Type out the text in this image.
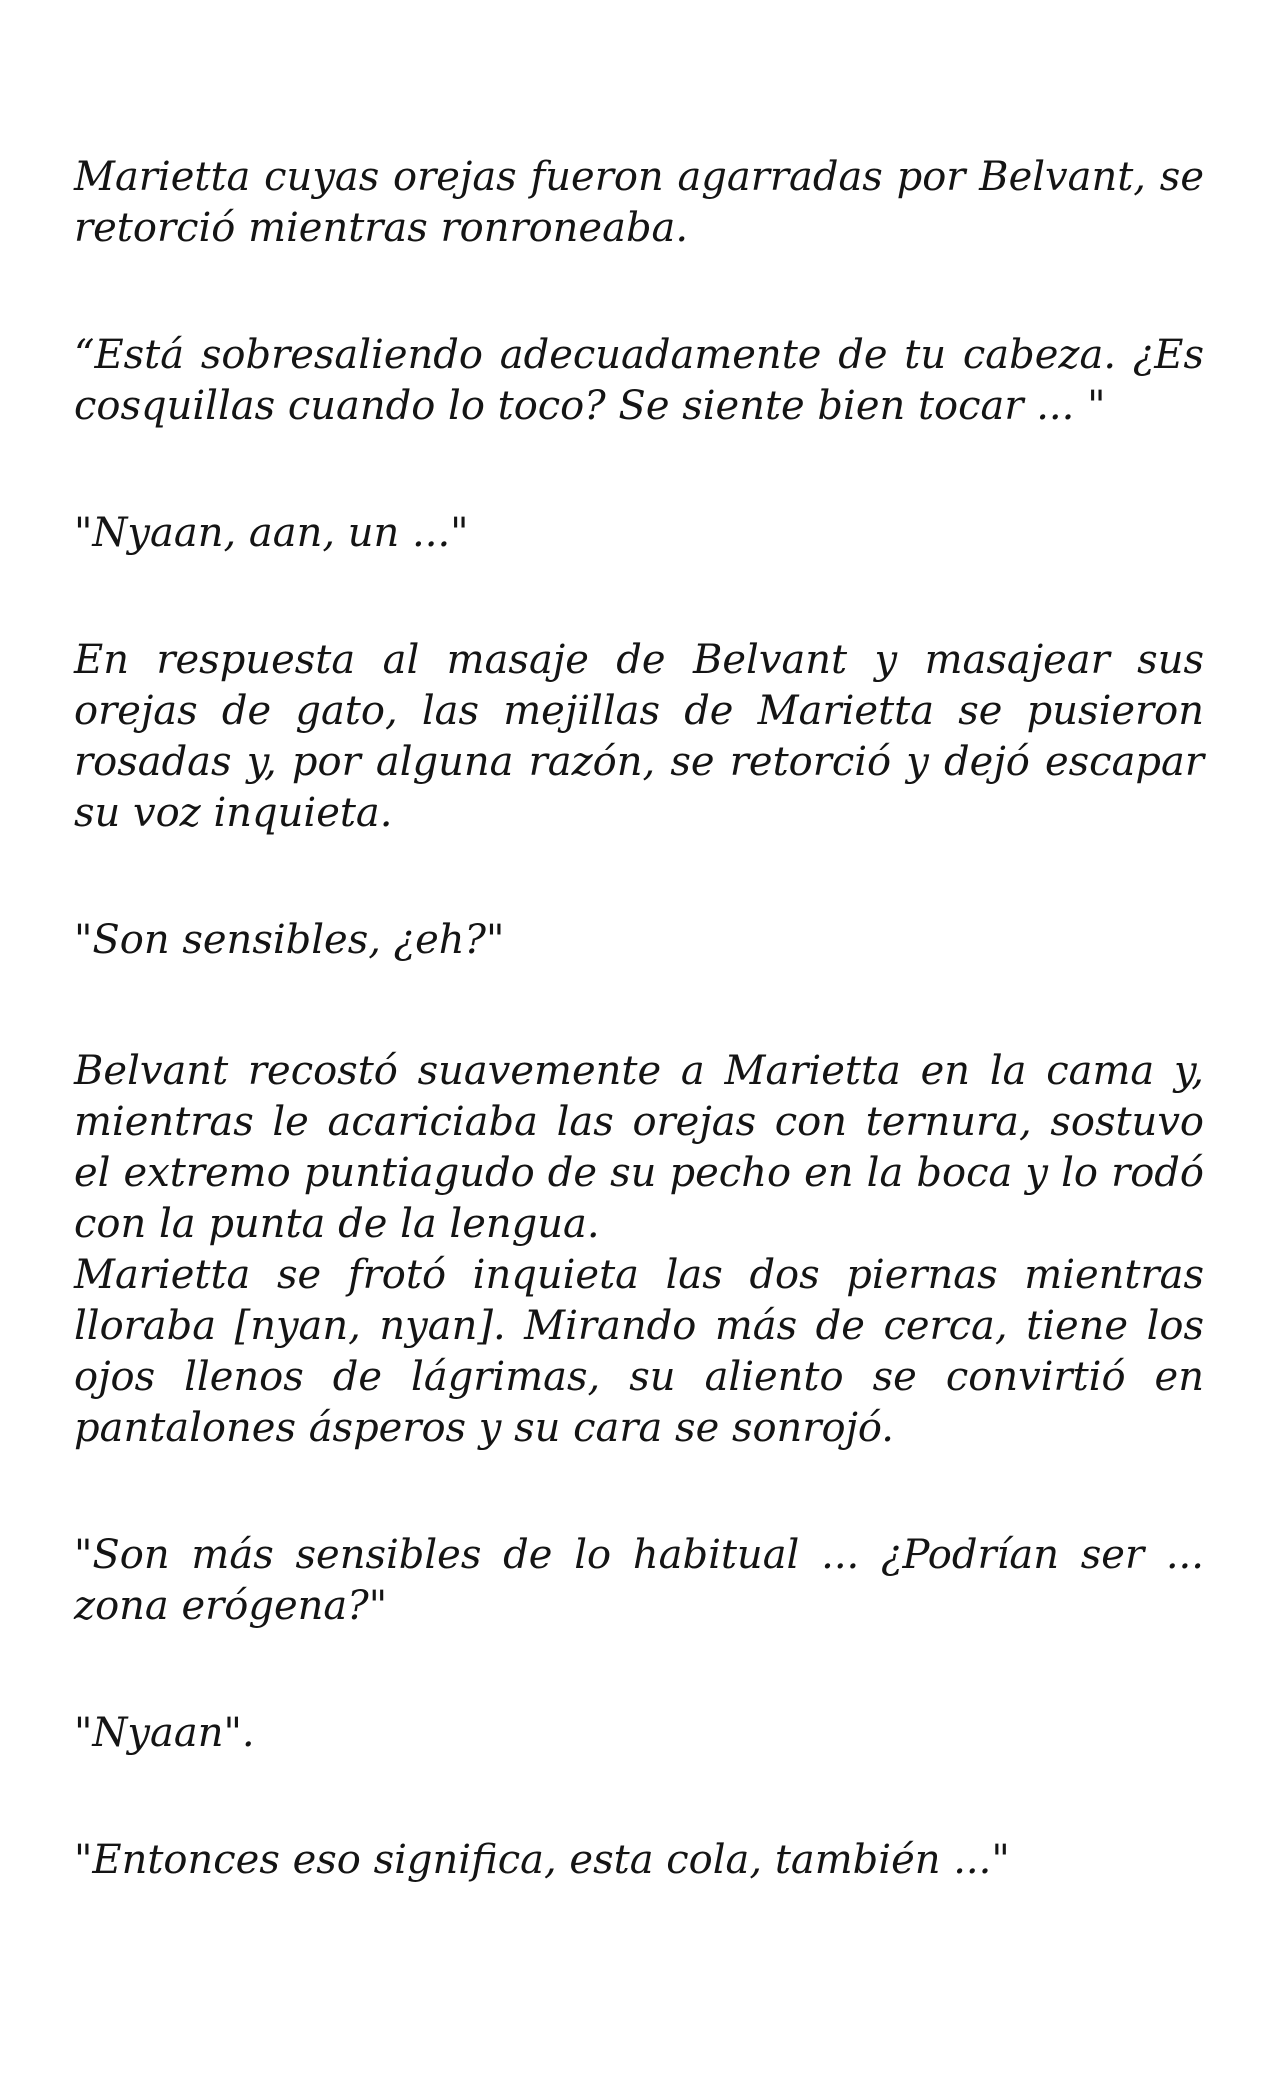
Marietta cuyas orejas fueron agarradas por Belvant, se retorció mientras ronroneaba.

“Está sobresaliendo adecuadamente de tu cabeza. ¿Es cosquillas cuando lo toco? Se siente bien tocar ... "

"Nyaan, aan, un ..."

En respuesta al masaje de Belvant y masajear sus orejas de gato, las mejillas de Marietta se pusieron rosadas y, por alguna razón, se retorció y dejó escapar su voz inquieta.

"Son sensibles, ¿eh?"

Belvant recostó suavemente a Marietta en la cama y, mientras le acariciaba las orejas con ternura, sostuvo el extremo puntiagudo de su pecho en la boca y lo rodó con la punta de la lengua.

Marietta se frotó inquieta las dos piernas mientras lloraba [nyan, nyan]. Mirando más de cerca, tiene los ojos llenos de lágrimas, su aliento se convirtió en pantalones ásperos y su cara se sonrojó.

"Son más sensibles de lo habitual ... ¿Podrían ser ... zona erógena?"

"Nyaan".

"Entonces eso significa, esta cola, también ..."
